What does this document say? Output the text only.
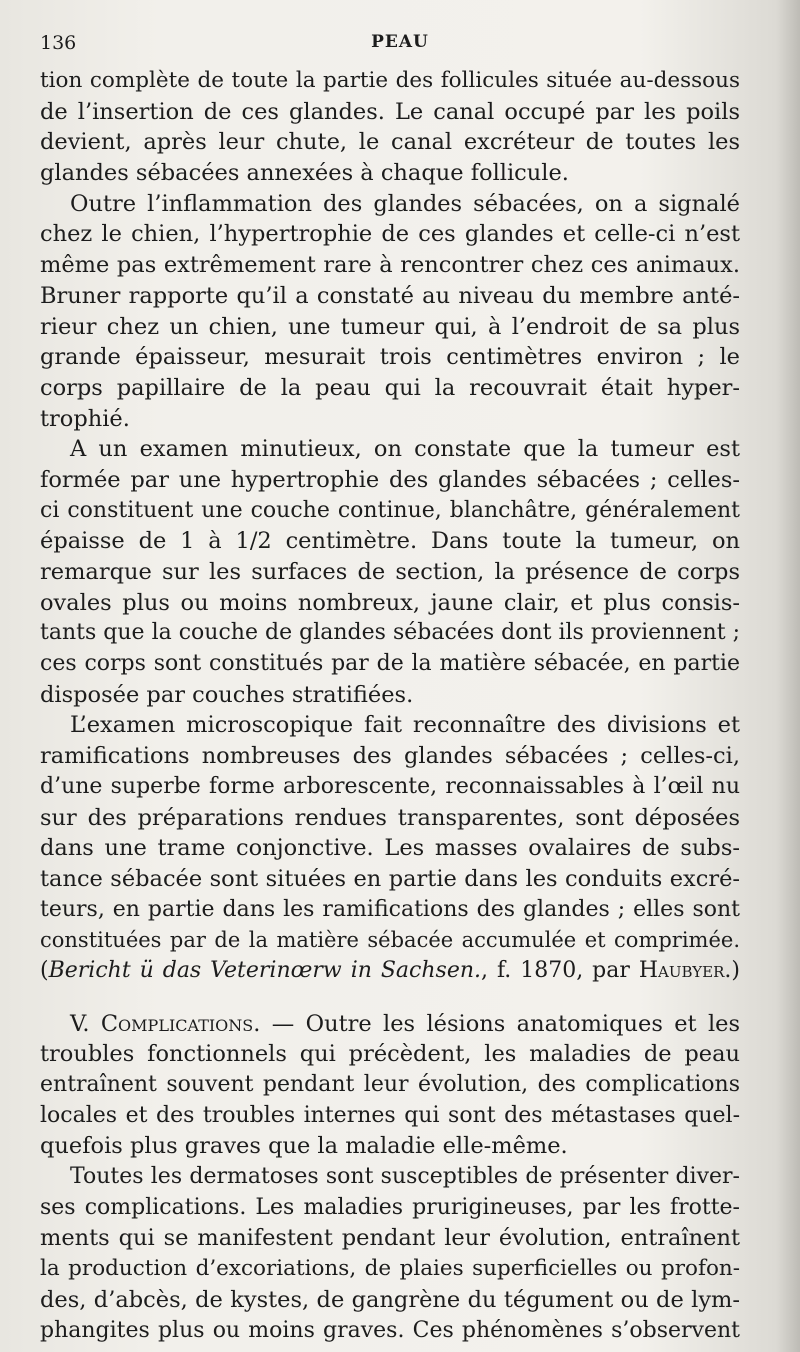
136	PEAU
tion complète de toute la partie des follicules située au-dessous
de l’insertion de ces glandes. Le canal occupé par les poils
devient, après leur chute, le canal excréteur de toutes les
glandes sébacées annexées à chaque follicule.
Outre l’inflammation des glandes sébacées, on a signalé
chez le chien, l’hypertrophie de ces glandes et celle-ci n’est
même pas extrêmement rare à rencontrer chez ces animaux.
Bruner rapporte qu’il a constaté au niveau du membre anté-
rieur chez un chien, une tumeur qui, à l’endroit de sa plus
grande épaisseur, mesurait trois centimètres environ ; le
corps papillaire de la peau qui la recouvrait était hyper-
trophié.
A un examen minutieux, on constate que la tumeur est
formée par une hypertrophie des glandes sébacées ; celles-
ci constituent une couche continue, blanchâtre, généralement
épaisse de 1 à 1/2 centimètre. Dans toute la tumeur, on
remarque sur les surfaces de section, la présence de corps
ovales plus ou moins nombreux, jaune clair, et plus consis-
tants que la couche de glandes sébacées dont ils proviennent ;
ces corps sont constitués par de la matière sébacée, en partie
disposée par couches stratifiées.
L’examen microscopique fait reconnaître des divisions et
ramifications nombreuses des glandes sébacées ; celles-ci,
d’une superbe forme arborescente, reconnaissables à l’œil nu
sur des préparations rendues transparentes, sont déposées
dans une trame conjonctive. Les masses ovalaires de subs-
tance sébacée sont situées en partie dans les conduits excré-
teurs, en partie dans les ramifications des glandes ; elles sont
constituées par de la matière sébacée accumulée et comprimée.
(Bericht ü das Veterinœrw in Sachsen., f. 1870, par Haubyer.)
V. Complications. — Outre les lésions anatomiques et les
troubles fonctionnels qui précèdent, les maladies de peau
entraînent souvent pendant leur évolution, des complications
locales et des troubles internes qui sont des métastases quel-
quefois plus graves que la maladie elle-même.
Toutes les dermatoses sont susceptibles de présenter diver-
ses complications. Les maladies prurigineuses, par les frotte-
ments qui se manifestent pendant leur évolution, entraînent
la production d’excoriations, de plaies superficielles ou profon-
des, d’abcès, de kystes, de gangrène du tégument ou de lym-
phangites plus ou moins graves. Ces phénomènes s’observent
